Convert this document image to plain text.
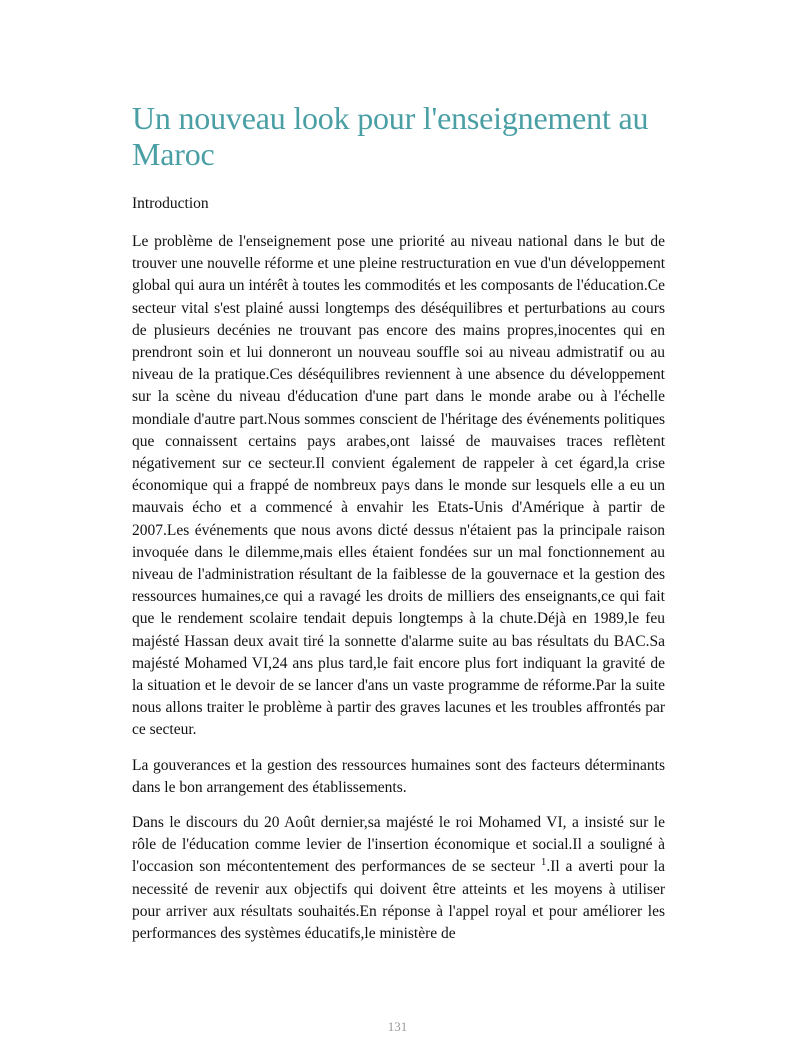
Un nouveau look pour l'enseignement au Maroc
Introduction

Le problème de l'enseignement pose une priorité au niveau national dans le but de trouver une nouvelle réforme et une pleine restructuration en vue d'un développement global qui aura un intérêt à toutes les commodités et les composants de l'éducation.Ce secteur vital s'est plainé aussi longtemps des déséquilibres et perturbations au cours de plusieurs decénies ne trouvant pas encore des mains propres,inocentes qui en prendront soin et lui donneront un nouveau souffle soi au niveau admistratif ou au niveau de la pratique.Ces déséquilibres reviennent à une absence du développement sur la scène du niveau d'éducation d'une part dans le monde arabe ou à l'échelle mondiale d'autre part.Nous sommes conscient de l'héritage des événements politiques que connaissent certains pays arabes,ont laissé de mauvaises traces reflètent négativement sur ce secteur.Il convient également de rappeler à cet égard,la crise économique qui a frappé de nombreux pays dans le monde sur lesquels elle a eu un mauvais écho et a commencé à envahir les Etats-Unis d'Amérique à partir de 2007.Les événements que nous avons dicté dessus n'étaient pas la principale raison invoquée dans le dilemme,mais elles étaient fondées sur un mal fonctionnement au niveau de l'administration résultant de la faiblesse de la gouvernace et la gestion des ressources humaines,ce qui a ravagé les droits de milliers des enseignants,ce qui fait que le rendement scolaire tendait depuis longtemps à la chute.Déjà en 1989,le feu majésté Hassan deux avait tiré la sonnette d'alarme suite au bas résultats du BAC.Sa majésté Mohamed VI,24 ans plus tard,le fait encore plus fort indiquant la gravité de la situation et le devoir de se lancer d'ans un vaste programme de réforme.Par la suite nous allons traiter le problème à partir des graves lacunes et les troubles affrontés par ce secteur.

La gouverances et la gestion des ressources humaines sont des facteurs déterminants dans le bon arrangement des établissements.

Dans le discours du 20 Août dernier,sa majésté le roi Mohamed VI, a insisté sur le rôle de l'éducation comme levier de l'insertion économique et social.Il a souligné à l'occasion son mécontentement des performances de se secteur $^1$.Il a averti pour la necessité de revenir aux objectifs qui doivent être atteints et les moyens à utiliser pour arriver aux résultats souhaités.En réponse à l'appel royal et pour améliorer les performances des systèmes éducatifs,le ministère de

131
